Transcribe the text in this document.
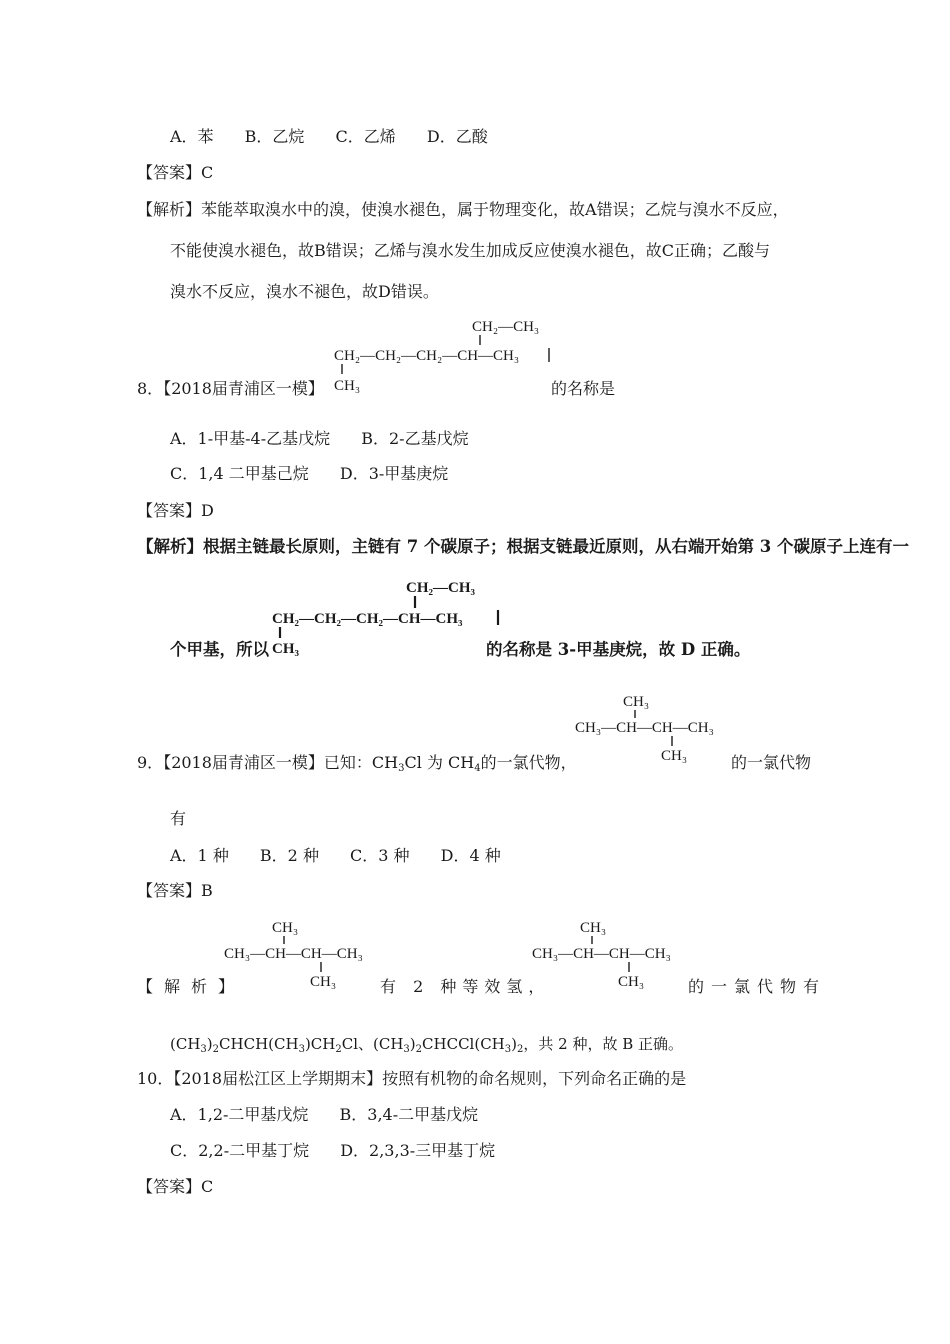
A．苯 B．乙烷 C．乙烯 D．乙酸
【答案】C
【解析】苯能萃取溴水中的溴，使溴水褪色，属于物理变化，故A错误；乙烷与溴水不反应，
不能使溴水褪色，故B错误；乙烯与溴水发生加成反应使溴水褪色，故C正确；乙酸与
溴水不反应，溴水不褪色，故D错误。
CH₂—CH₃
CH₂—CH₂—CH₂—CH—CH₃
CH₃
8．【2018届青浦区一模】	的名称是
A．1-甲基-4-乙基戊烷 B．2-乙基戊烷
C．1,4 二甲基己烷 D．3-甲基庚烷
【答案】D
【解析】根据主链最长原则，主链有 7 个碳原子；根据支链最近原则，从右端开始第 3 个碳原子上连有一
CH₂—CH₃
CH₂—CH₂—CH₂—CH—CH₃
CH₃
个甲基，所以	的名称是 3-甲基庚烷，故 D 正确。
CH₃
CH₃—CH—CH—CH₃
CH₃
9．【2018届青浦区一模】已知：$CH_3Cl$ 为 $CH_4$的一氯代物，	的一氯代物
有
A．1 种 B．2 种 C．3 种 D．4 种
【答案】B
CH₃
CH₃—CH—CH—CH₃
CH₃
CH₃
CH₃—CH—CH—CH₃
CH₃
【解析】	有 2 种等效氢，	的一氯代物有
$(CH_3)_2CHCH(CH_3)CH_2Cl$、$(CH_3)_2CHCCl(CH_3)_2$，共 2 种，故 B 正确。
10．【2018届松江区上学期期末】按照有机物的命名规则，下列命名正确的是
A．1,2-二甲基戊烷 B．3,4-二甲基戊烷
C．2,2-二甲基丁烷 D．2,3,3-三甲基丁烷
【答案】C
